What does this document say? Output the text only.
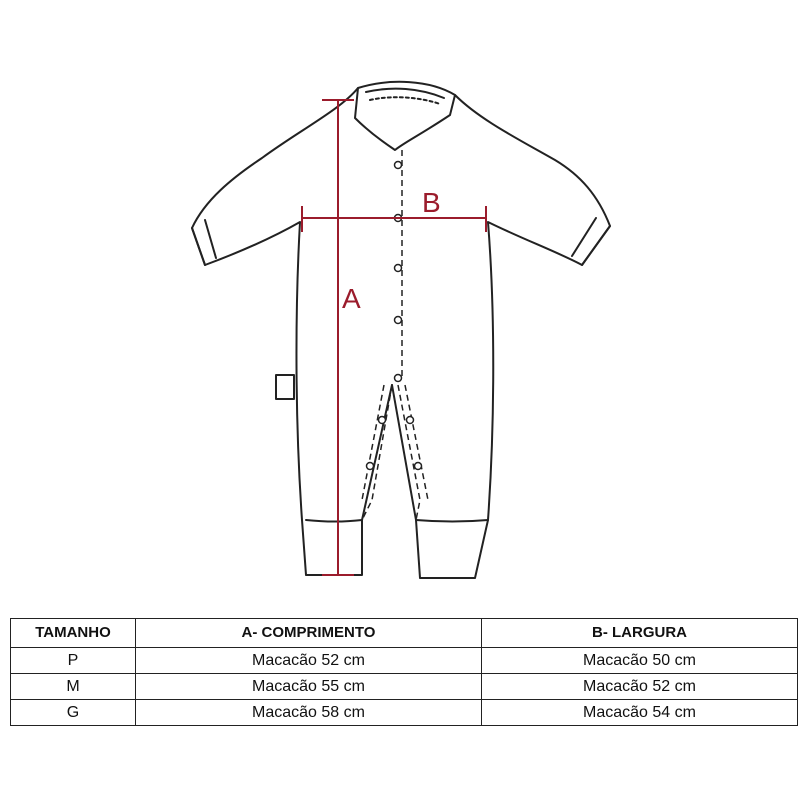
A
B
TAMANHO	A- COMPRIMENTO	B- LARGURA
P	Macacão 52 cm	Macacão 50 cm
M	Macacão 55 cm	Macacão 52 cm
G	Macacão 58 cm	Macacão 54 cm
